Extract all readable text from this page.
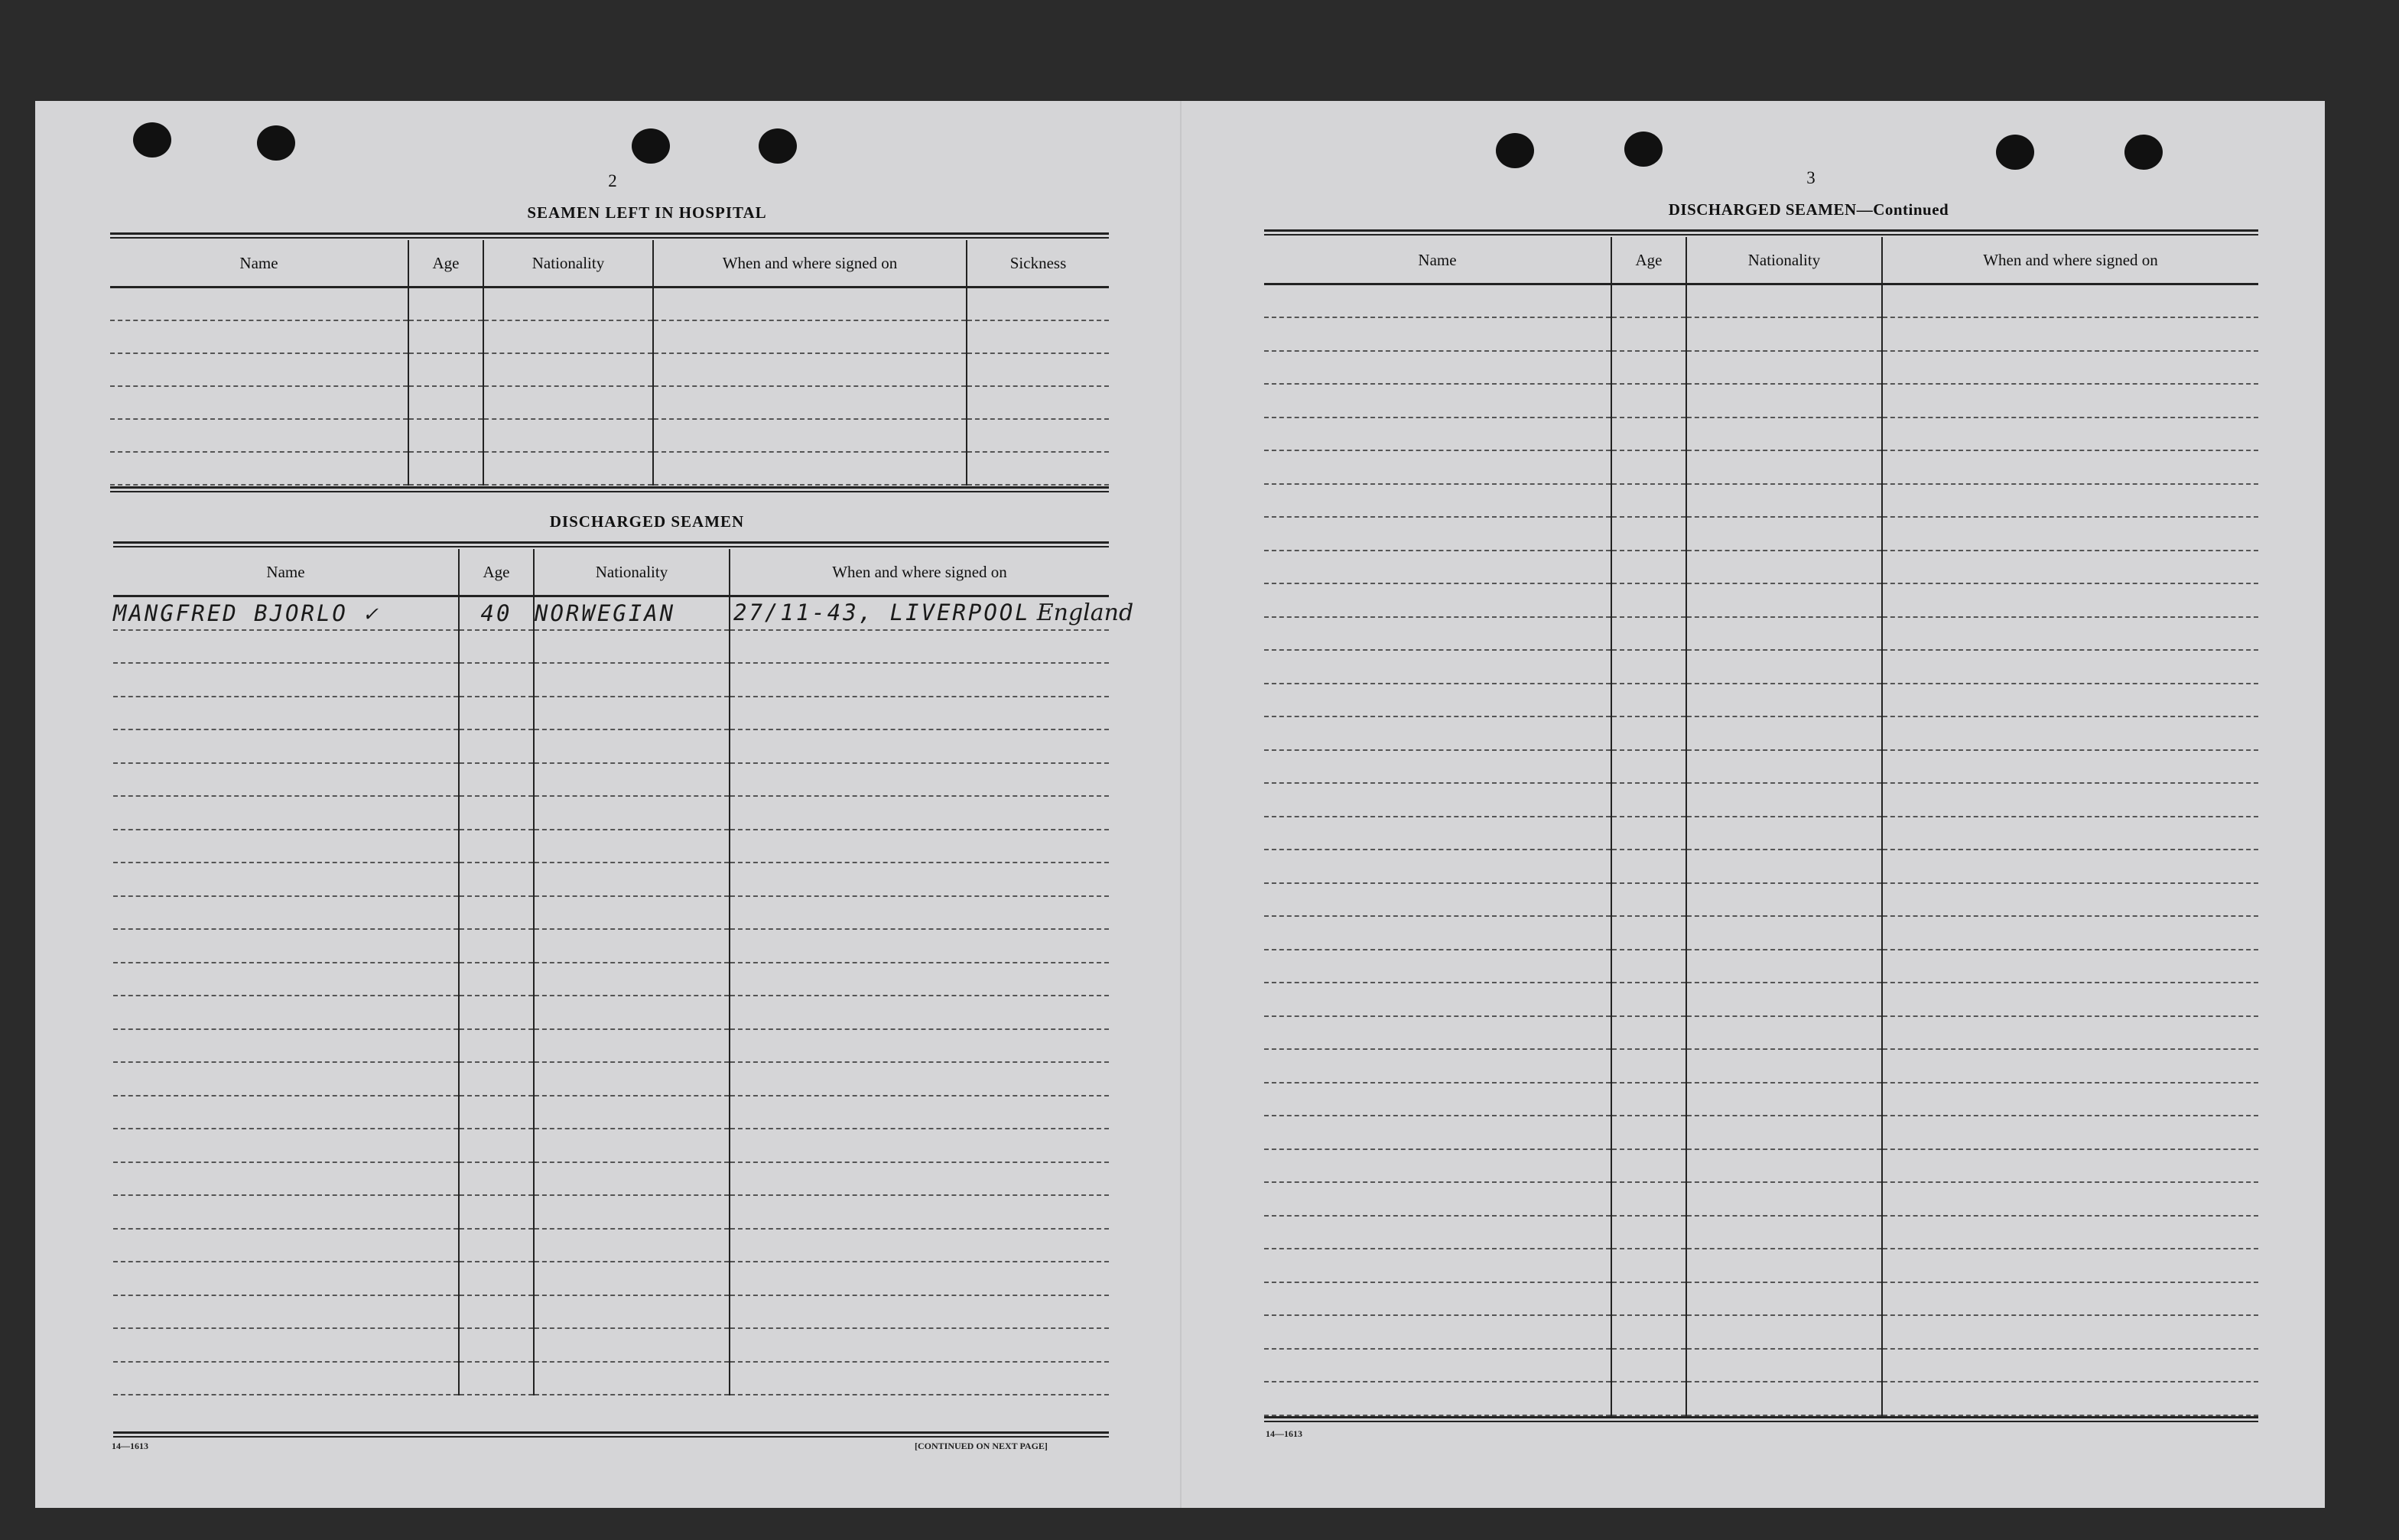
2
SEAMEN LEFT IN HOSPITAL
Name	Age	Nationality	When and where signed on	Sickness

DISCHARGED SEAMEN
Name	Age	Nationality	When and where signed on
MANGFRED BJORLO ✓	40	NORWEGIAN	27/11-43, LIVERPOOL England

14—1613	[CONTINUED ON NEXT PAGE]
3
DISCHARGED SEAMEN—Continued
Name	Age	Nationality	When and where signed on

14—1613
